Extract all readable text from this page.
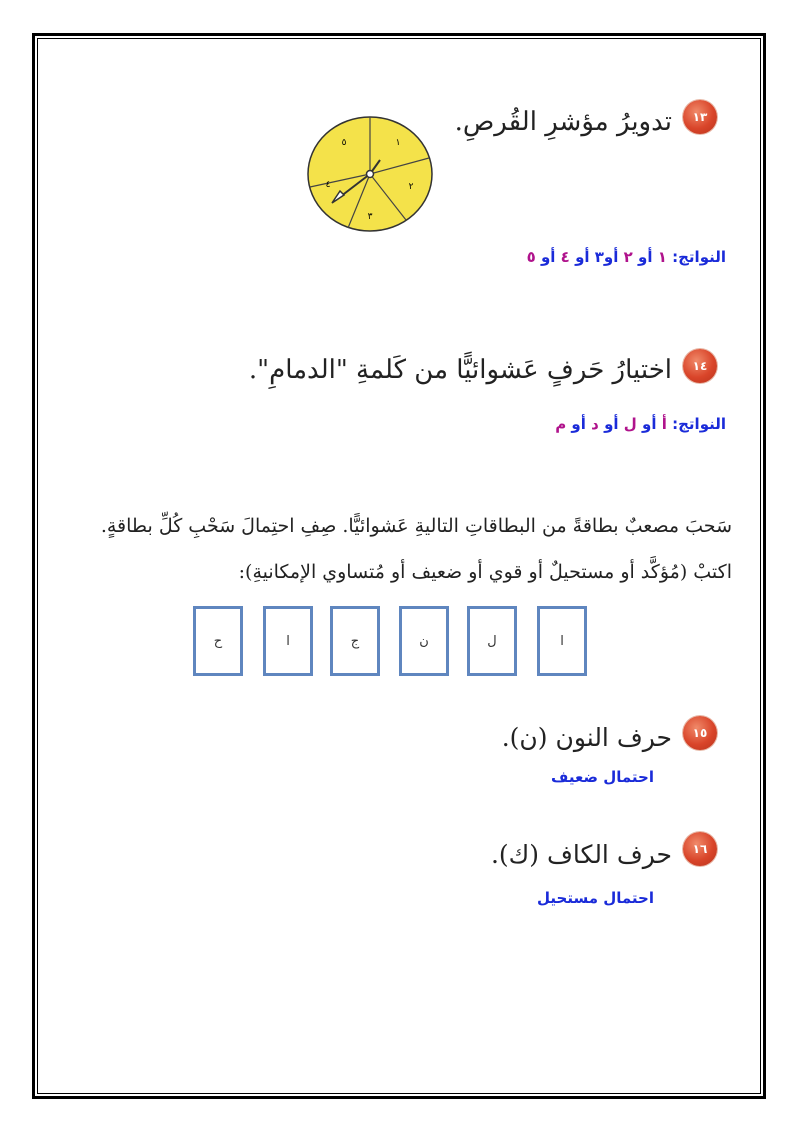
١٣
تدويرُ مؤشرِ القُرصِ.
١
٢
٣
٤
٥
النواتج: ١ أو ٢ أو٣ أو ٤ أو ٥
١٤
اختيارُ حَرفٍ عَشوائيًّا من كَلمةِ "الدمامِ".
النواتج: أ أو ل أو د أو م
سَحبَ مصعبٌ بطاقةً من البطاقاتِ التاليةِ عَشوائيًّا. صِفِ احتِمالَ سَحْبِ كُلِّ بطاقةٍ.
اكتبْ (مُؤكَّد أو مستحيلٌ أو قوي أو ضعيف أو مُتساوي الإمكانيةِ):
ا
ل
ن
ج
ا
ح
١٥
حرف النون (ن).
احتمال ضعيف
١٦
حرف الكاف (ك).
احتمال مستحيل
